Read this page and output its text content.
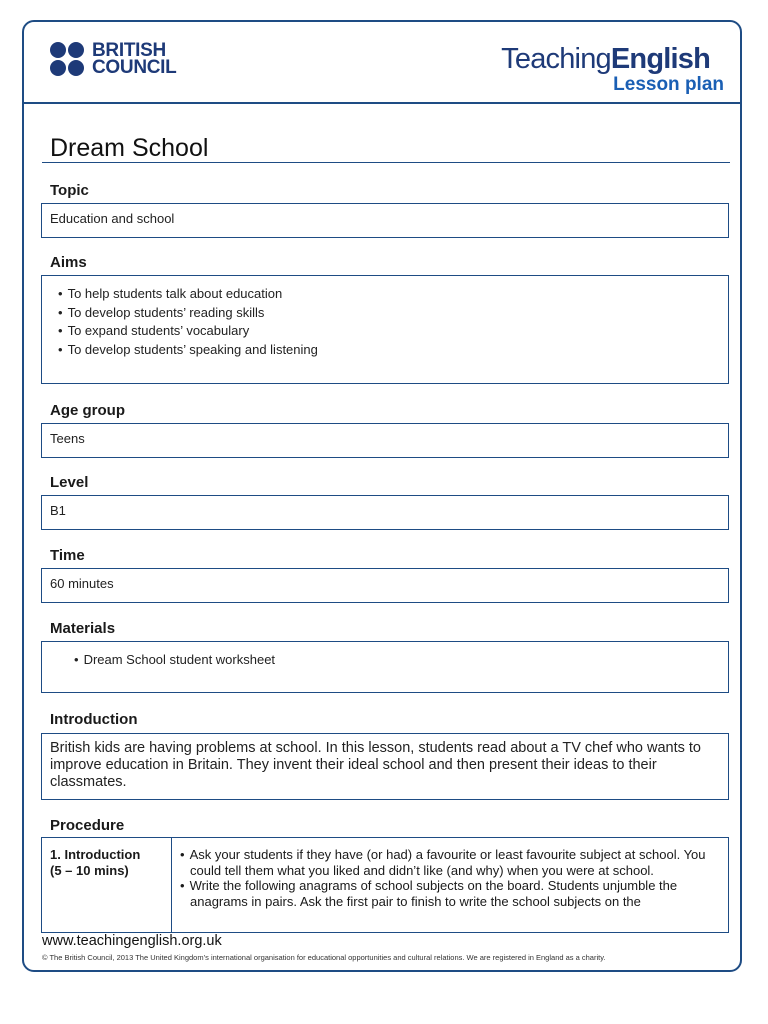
BRITISH
COUNCIL	TeachingEnglish
Lesson plan
Dream School
Topic
Education and school
Aims
• To help students talk about education
• To develop students’ reading skills
• To expand students’ vocabulary
• To develop students’ speaking and listening
Age group
Teens
Level
B1
Time
60 minutes
Materials
• Dream School student worksheet
Introduction
British kids are having problems at school. In this lesson, students read about a TV chef who wants to improve education in Britain. They invent their ideal school and then present their ideas to their classmates.
Procedure
1. Introduction
(5 – 10 mins)
• Ask your students if they have (or had) a favourite or least favourite subject at school. You could tell them what you liked and didn’t like (and why) when you were at school.
• Write the following anagrams of school subjects on the board. Students unjumble the anagrams in pairs. Ask the first pair to finish to write the school subjects on the
www.teachingenglish.org.uk
© The British Council, 2013 The United Kingdom’s international organisation for educational opportunities and cultural relations. We are registered in England as a charity.
